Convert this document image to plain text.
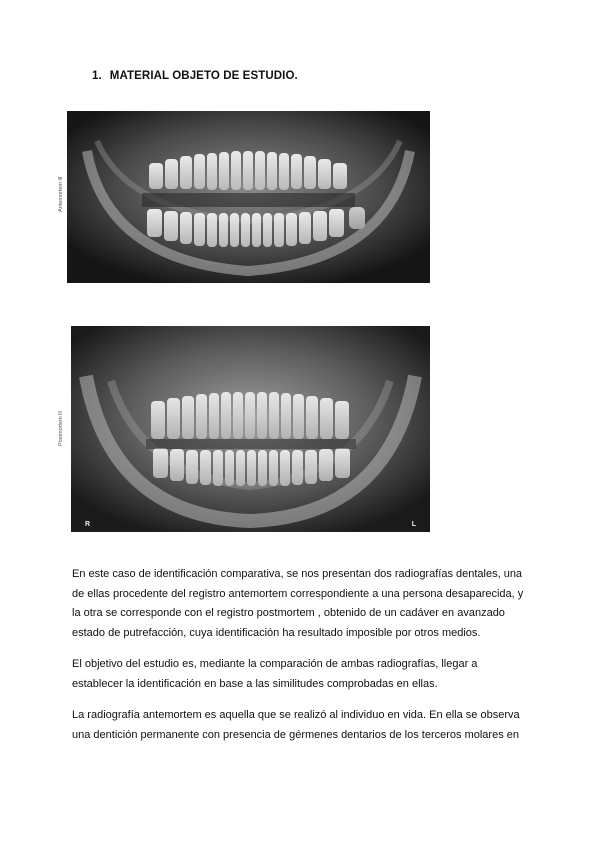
1. MATERIAL OBJETO DE ESTUDIO.
Antemortem lll
Postmortem lll
R	L

En este caso de identificación comparativa, se nos presentan dos radiografías dentales, una
de ellas procedente del registro antemortem correspondiente a una persona desaparecida, y
la otra se corresponde con el registro postmortem , obtenido de un cadáver en avanzado
estado de putrefacción, cuya identificación ha resultado imposible por otros medios.

El objetivo del estudio es, mediante la comparación de ambas radiografías, llegar a
establecer la identificación en base a las similitudes comprobadas en ellas.

La radiografía antemortem es aquella que se realizó al individuo en vida. En ella se observa
una dentición permanente con presencia de gérmenes dentarios de los terceros molares en
